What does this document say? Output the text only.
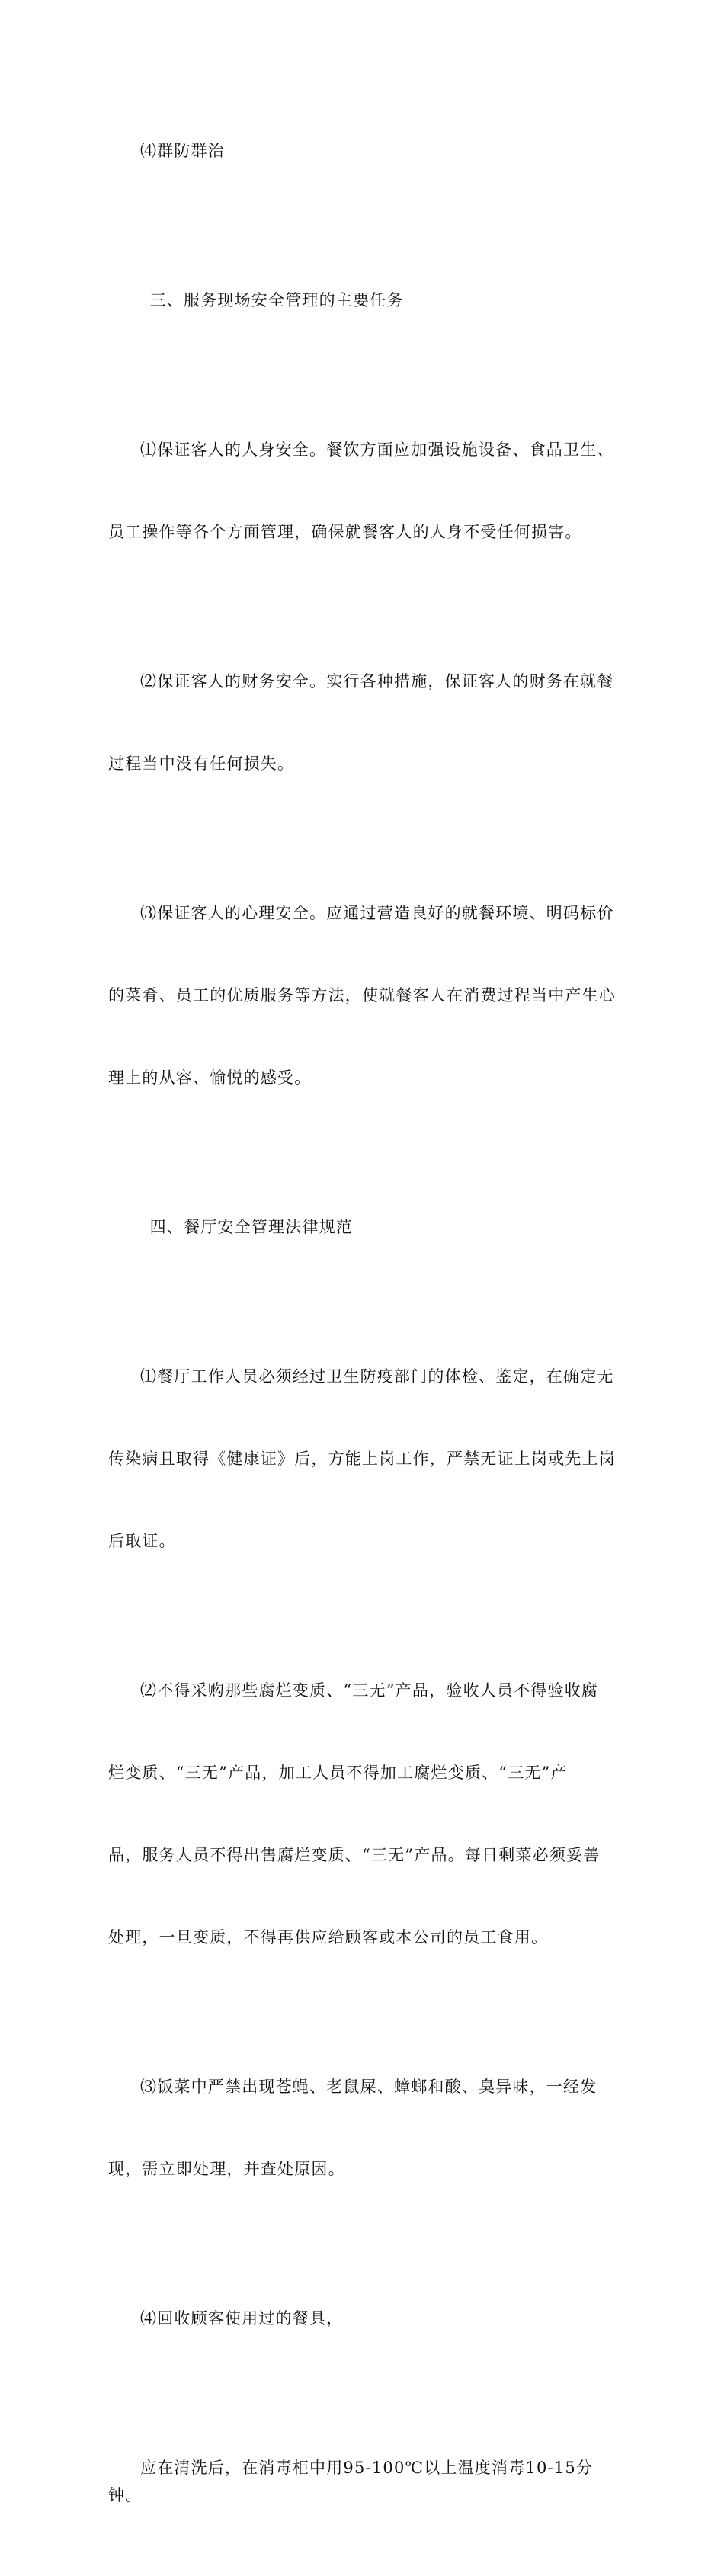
⑷群防群治

三、服务现场安全管理的主要任务

⑴保证客人的人身安全。餐饮方面应加强设施设备、食品卫生、

员工操作等各个方面管理，确保就餐客人的人身不受任何损害。

⑵保证客人的财务安全。实行各种措施，保证客人的财务在就餐

过程当中没有任何损失。

⑶保证客人的心理安全。应通过营造良好的就餐环境、明码标价

的菜肴、员工的优质服务等方法，使就餐客人在消费过程当中产生心

理上的从容、愉悦的感受。

四、餐厅安全管理法律规范

⑴餐厅工作人员必须经过卫生防疫部门的体检、鉴定，在确定无

传染病且取得《健康证》后，方能上岗工作，严禁无证上岗或先上岗

后取证。

⑵不得采购那些腐烂变质、“三无”产品，验收人员不得验收腐

烂变质、“三无”产品，加工人员不得加工腐烂变质、“三无”产

品，服务人员不得出售腐烂变质、“三无”产品。每日剩菜必须妥善

处理，一旦变质，不得再供应给顾客或本公司的员工食用。

⑶饭菜中严禁出现苍蝇、老鼠屎、蟑螂和酸、臭异味，一经发

现，需立即处理，并查处原因。

⑷回收顾客使用过的餐具，

应在清洗后，在消毒柜中用95-100℃以上温度消毒10-15分钟。
